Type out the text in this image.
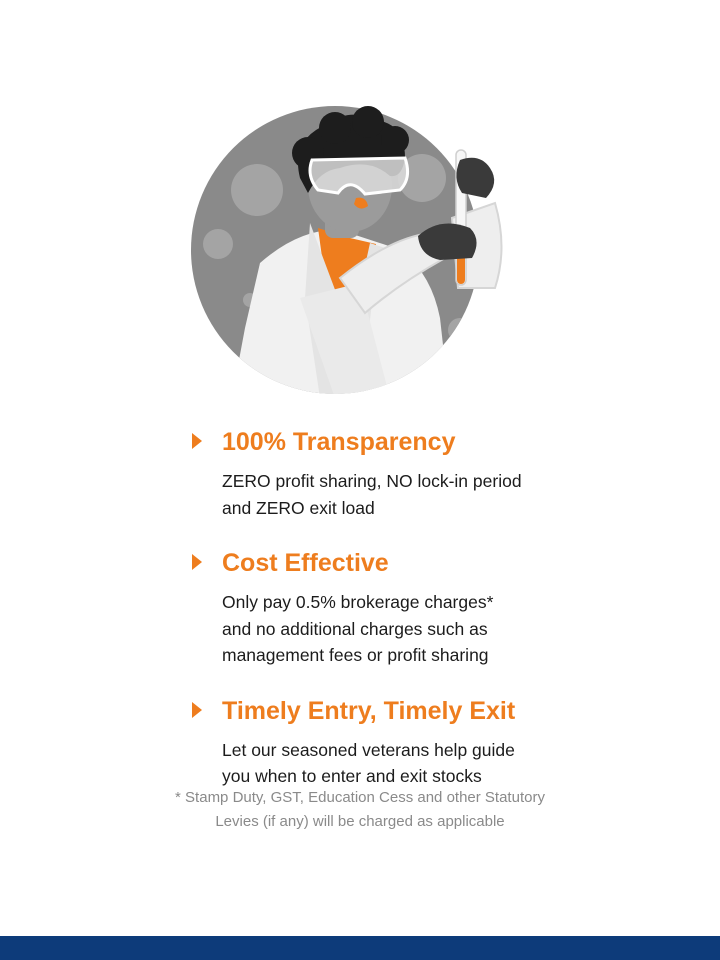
100% Transparency

ZERO profit sharing, NO lock-in period
and ZERO exit load

Cost Effective

Only pay 0.5% brokerage charges*
and no additional charges such as
management fees or profit sharing

Timely Entry, Timely Exit

Let our seasoned veterans help guide
you when to enter and exit stocks

* Stamp Duty, GST, Education Cess and other Statutory

Levies (if any) will be charged as applicable
